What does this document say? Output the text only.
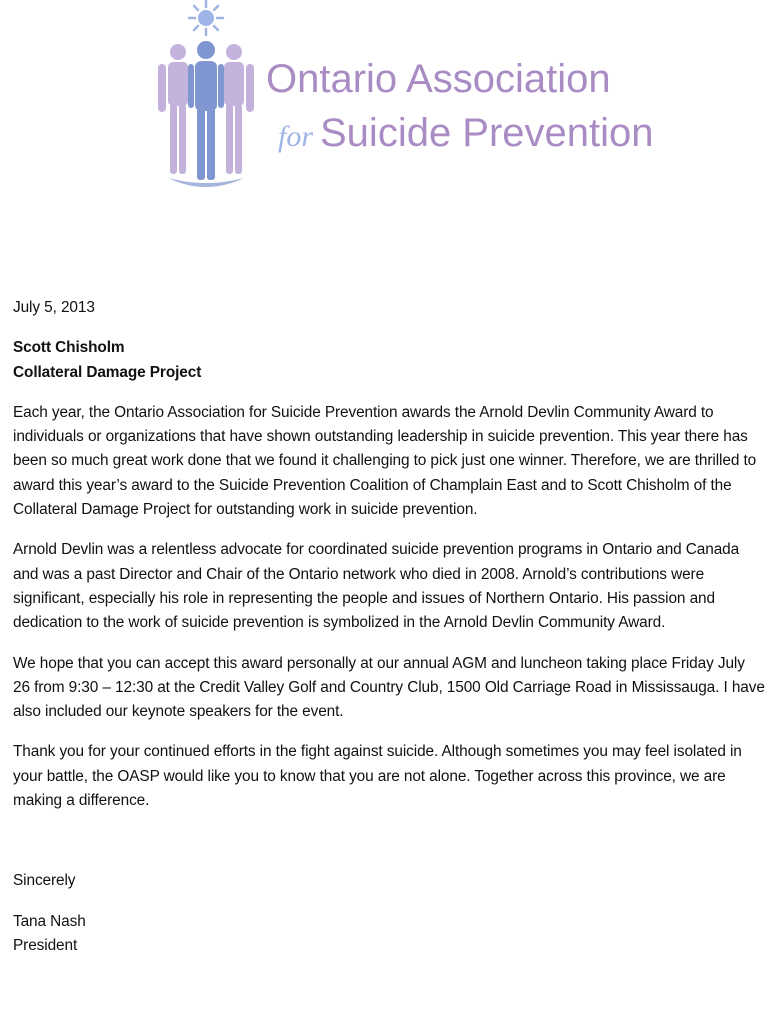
Ontario Association
for Suicide Prevention

July 5, 2013

Scott Chisholm

Collateral Damage Project

Each year, the Ontario Association for Suicide Prevention awards the Arnold Devlin Community Award to individuals or organizations that have shown outstanding leadership in suicide prevention. This year there has been so much great work done that we found it challenging to pick just one winner. Therefore, we are thrilled to award this year’s award to the Suicide Prevention Coalition of Champlain East and to Scott Chisholm of the Collateral Damage Project for outstanding work in suicide prevention.

Arnold Devlin was a relentless advocate for coordinated suicide prevention programs in Ontario and Canada and was a past Director and Chair of the Ontario network who died in 2008. Arnold’s contributions were significant, especially his role in representing the people and issues of Northern Ontario. His passion and dedication to the work of suicide prevention is symbolized in the Arnold Devlin Community Award.

We hope that you can accept this award personally at our annual AGM and luncheon taking place Friday July 26 from 9:30 – 12:30 at the Credit Valley Golf and Country Club, 1500 Old Carriage Road in Mississauga. I have also included our keynote speakers for the event.

Thank you for your continued efforts in the fight against suicide. Although sometimes you may feel isolated in your battle, the OASP would like you to know that you are not alone. Together across this province, we are making a difference.

Sincerely

Tana Nash

President
